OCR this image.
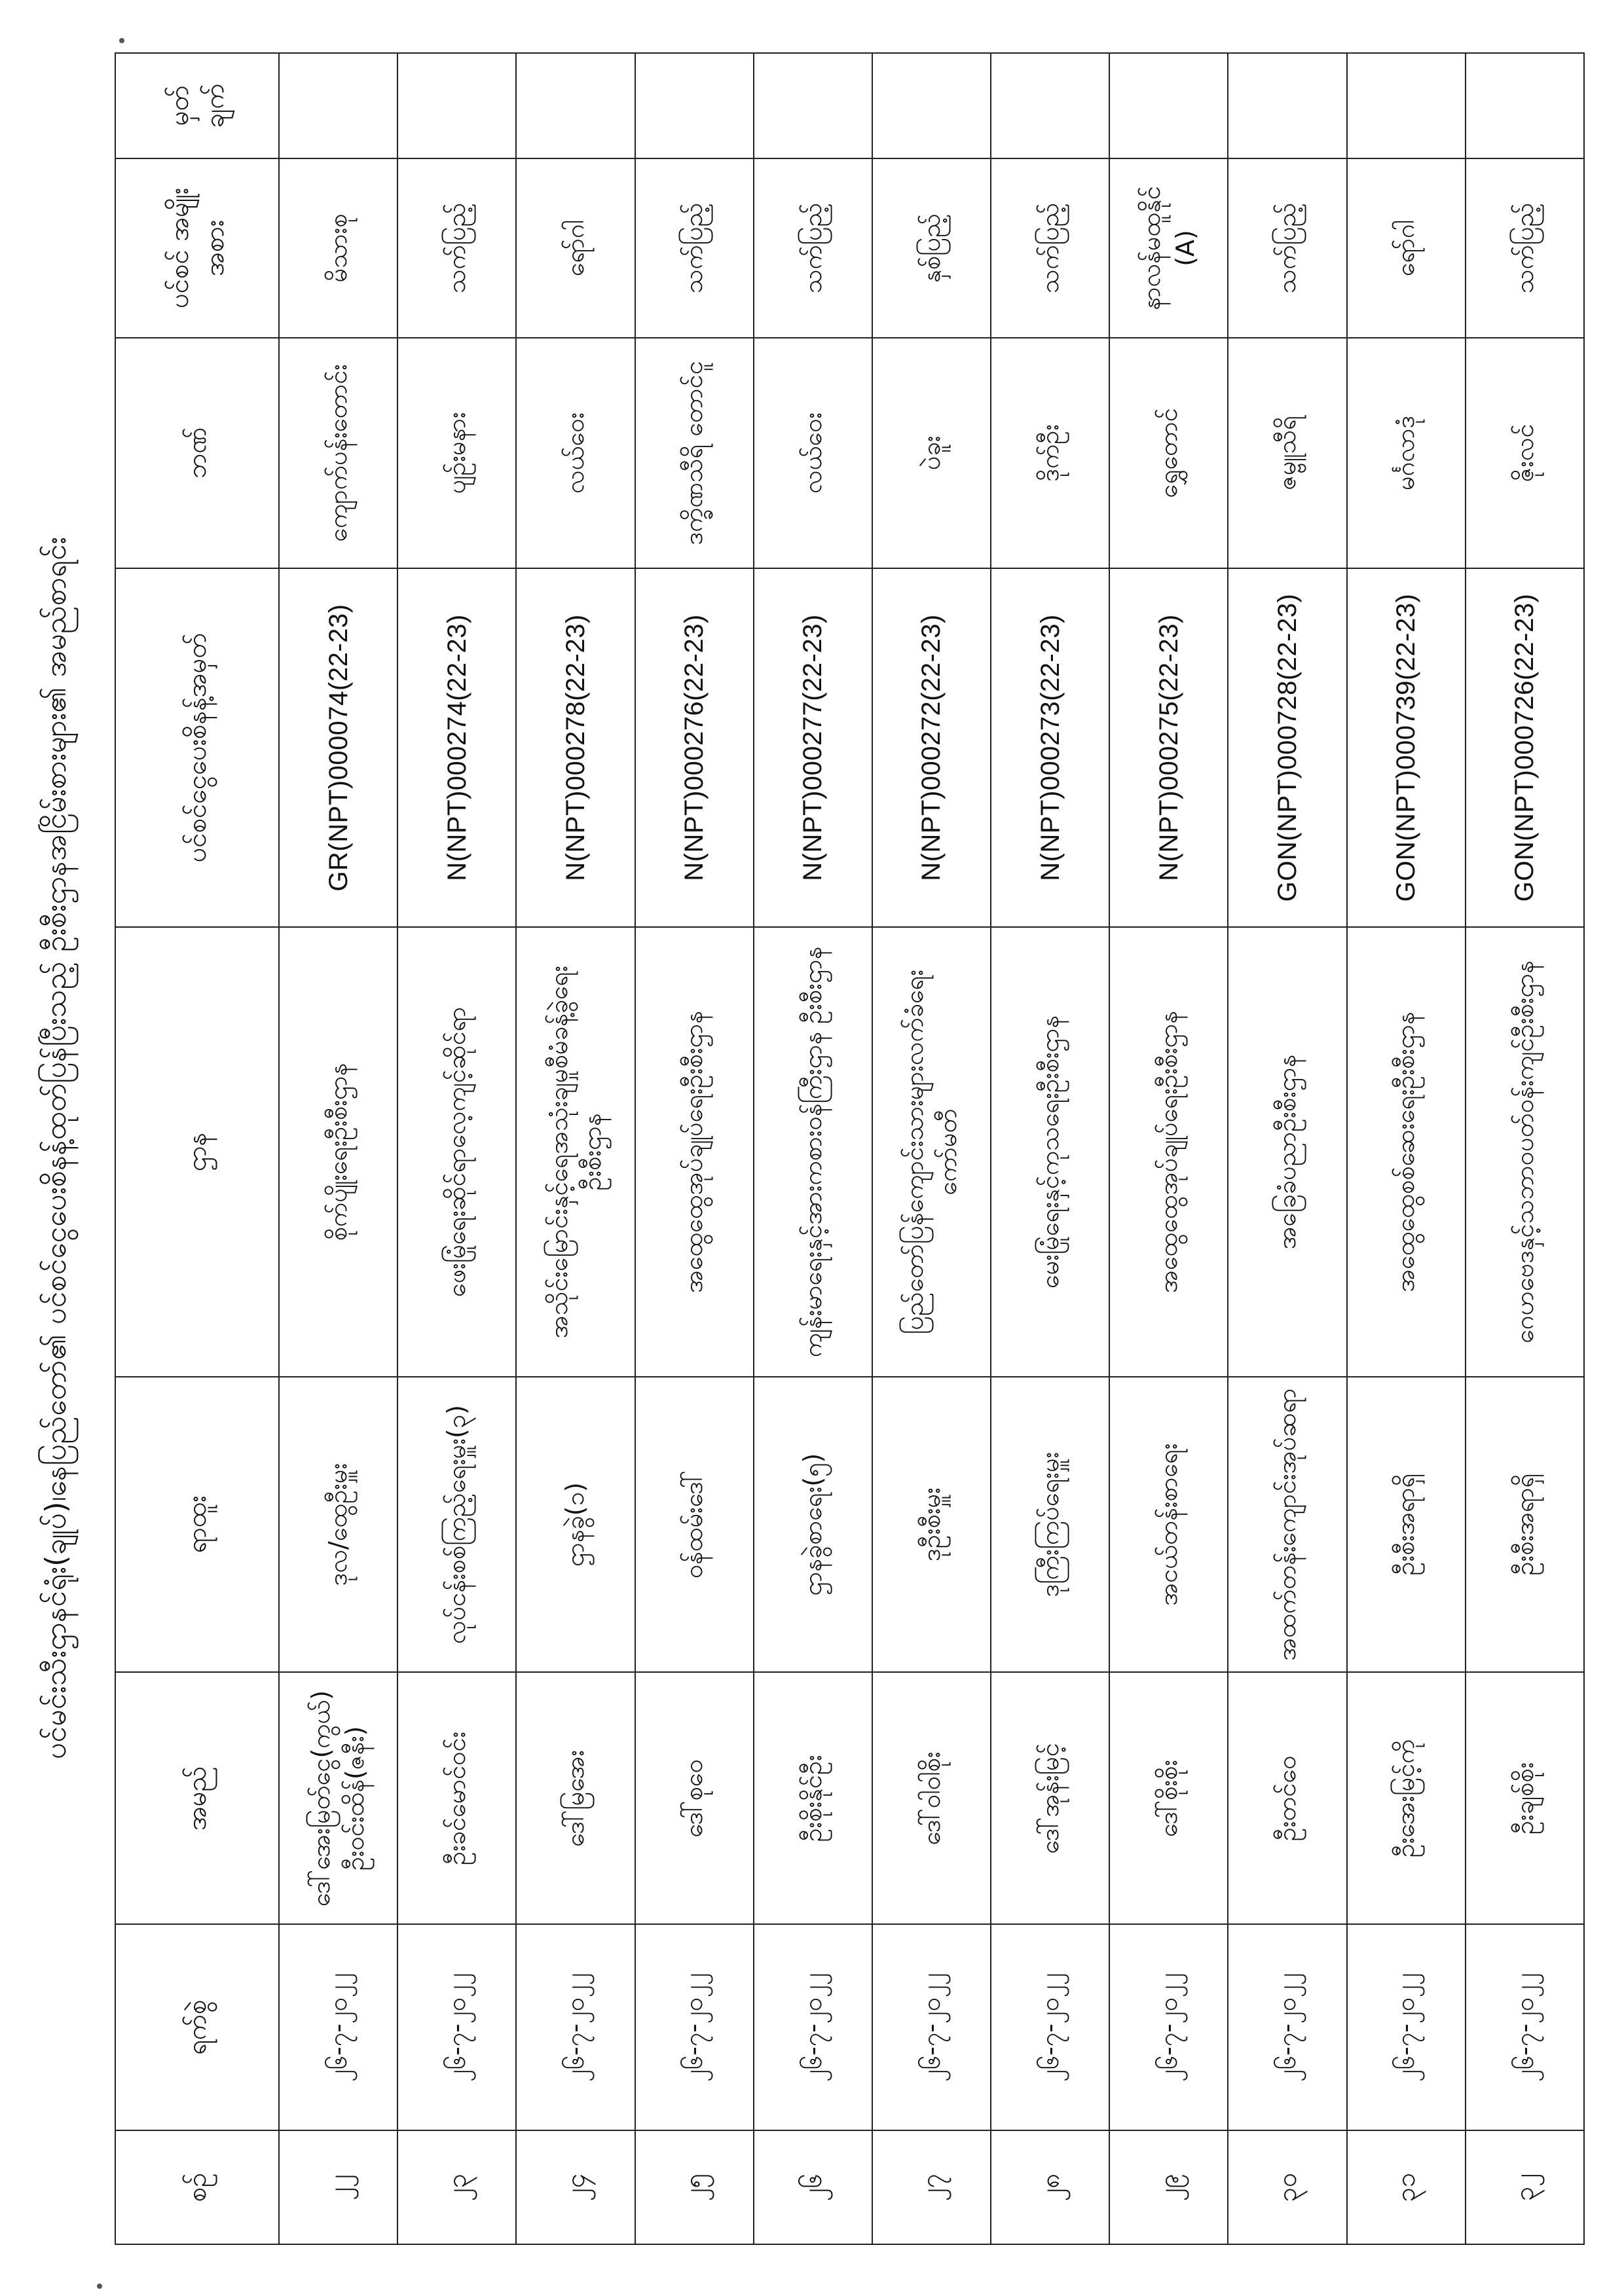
ပင်မင်းသီးဌာနင်ရုံး(ချုပ်)၊နေပြည်တော်၏ ပင်စင်ငွေပေးစိနန့်ထုတ်ပြန်ပြီးသည့် ဦးစီးဌာနအငြိမ်းစားများ၏ အမည်စာရင်း
စဉ်	ရက်စွဲ	အမည်	ရာထူး	ဌာန	ပင်စင်ငွေပေးစိနန့်အမှတ်	ဘဏ်	ပင်စင် အမျိုးအစား	မှတ် ချက်
၂၂	၂၆-၇-၂၀၂၂	ဒေါ်အေးမြတ်ငွေ(ကွယ်) ဦးဝင်းထိန်(ဇနီး)	ဒုလ/ထွေဦးမှူး	စိုက်ပျိုးရေးဦးစီးဌာန	GR(NPT)000074(22-23)	ကျောက်ပန်းတောင်း	မိသားစု	
၂၃	၂၆-၇-၂၀၂၂	ဦးခင်မောင်ဝင်း	လုပ်ငန်းစစ်ကြည့်ရေးမှူး(၃)	ဖေးမြုံရေးဆိုင်ရာလေ့ကျင့်ဆိုင်ရာ	N(NPT)000274(22-23)	ပျဉ်းမနား	သက်ပြည့်	
၂၄	၂၆-၇-၂၀၂၂	ဒေါ်မြအေး	ဌာနခွဲ(၁)	အသိုင်းမြောင်းနှင့်ရေအသုံးချမှုစီမံခန့်ခွဲရေး ဦးစီးဌာန	N(NPT)000278(22-23)	လယ်ဝေး	ရော်ဂါ	
၂၅	၂၆-၇-၂၀၂၂	ဒေါ်စုဝေ	ဝန်ထမ်းဒေါ်	အထွေထွေအုပ်ချုပ်ရေးဦးစီးဌာန	N(NPT)000276(22-23)	ဒက္ခိဏသီရိ တောင်ငူ	သက်ပြည့်	
၂၆	၂၆-၇-၂၀၂၂	ဦးစိုးနိုင်ဦး	ဌာနခွဲစာရေး(၅)	ကျန်းမာရေးနှင့်အားကစားဝန်ကြီးဌာန ဦးစီးဌာန	N(NPT)000277(22-23)	လယ်ဝေး	သက်ပြည့်	
၂၇	၂၆-၇-၂၀၂၂	ဒေါ်ဝါဝါစိုး	ဒုဦးစီးမှူး	ပြည်တော်ပြန်ကျောင်းသားများလက်ခံရေးကော်မတီ	N(NPT)000272(22-23)	ပဲခူး	နှစ်ပြည့်	
၂၈	၂၆-၇-၂၀၂၂	ဒေါ်အုန်းမြင့်	ဒုကြီးကြပ်ရေးမှူး	မေးမြုံရေးနှင့်ကုသရေးဦးစီးဌာန	N(NPT)000273(22-23)	ဒိုက်ဦး	သက်ပြည့်	
၂၉	၂၆-၇-၂၀၂၂	ဒေါ်စိုးစိုး	အငယ်တန်းစာရေး	အထွေထွေအုပ်ချုပ်ရေးဦးစီးဌာန	N(NPT)000275(22-23)	ရွှေတောင်	နာလန်မထူနိုင် (A)	
၃၀	၂၆-၇-၂၀၂၂	ဦးတင်ဝေ	အထက်တန်းကျောင်းအုပ်ဆရာ	အခြေခံပညာဦးစီးဌာန	GON(NPT)000728(22-23)	ဇမ္ဗူသီရိ	သက်ပြည့်	
၃၁	၂၆-၇-၂၀၂၂	ဦးအေးမြင့်ကို	ဦးစီးအရာရှိ	အထွေထွေစစ်ဆေးရေးဦးစီးဌာန	GON(NPT)000739(22-23)	မင်္ဂလာဒုံ	ရော်ဂါ	
၃၂	၂၆-၇-၂၀၂၂	ဦးချစ်စိုး	ဦးစီးအရာရှိ	ဂေဟဗေဒနှင့်သဘာဝပတ်ဝန်းကျင်ဦးစီးဌာန	GON(NPT)000726(22-23)	ဇိုးလင်	သက်ပြည့်	
